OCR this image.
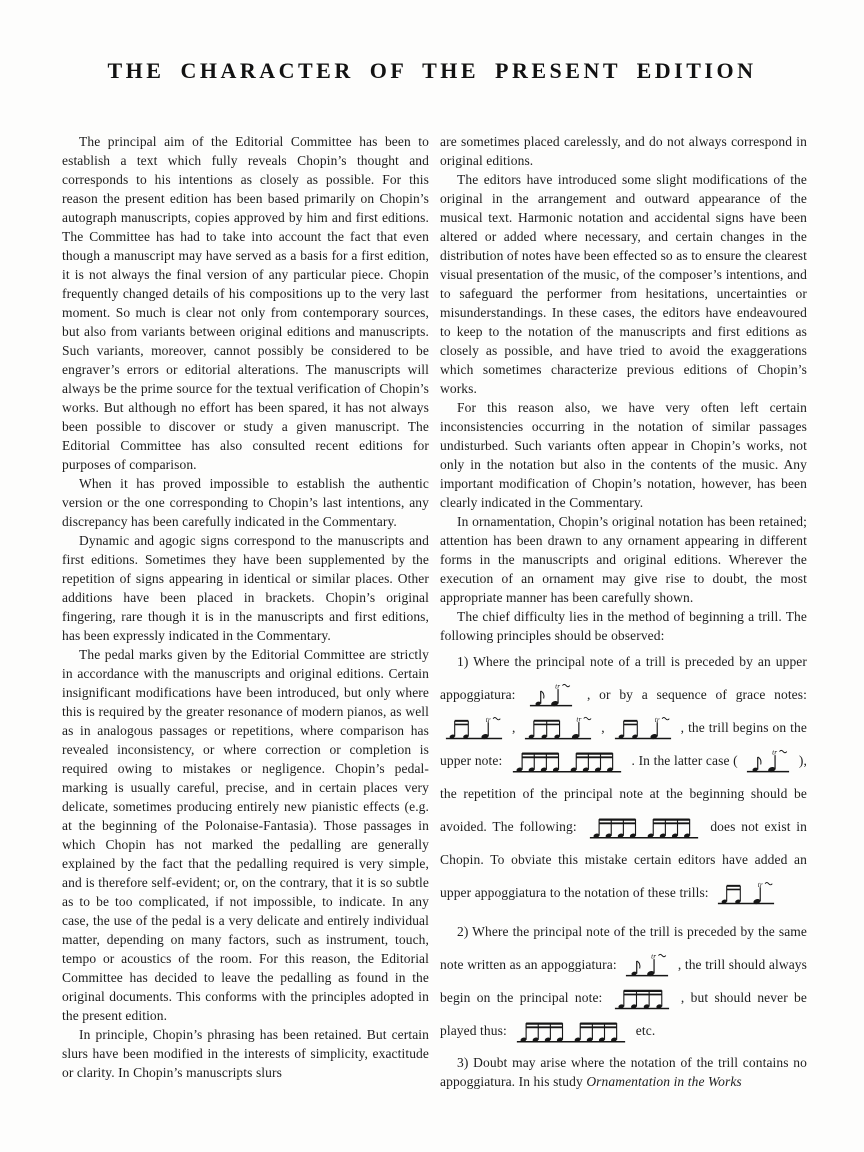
THE CHARACTER OF THE PRESENT EDITION

The principal aim of the Editorial Committee has been to establish a text which fully reveals Chopin’s thought and corresponds to his intentions as closely as possible. For this reason the present edition has been based primarily on Chopin’s autograph manuscripts, copies approved by him and first editions. The Committee has had to take into account the fact that even though a manuscript may have served as a basis for a first edition, it is not always the final version of any particular piece. Chopin frequently changed details of his compositions up to the very last moment. So much is clear not only from contemporary sources, but also from variants between original editions and manuscripts. Such variants, moreover, cannot possibly be considered to be engraver’s errors or editorial alterations. The manuscripts will always be the prime source for the textual verification of Chopin’s works. But although no effort has been spared, it has not always been possible to discover or study a given manuscript. The Editorial Committee has also consulted recent editions for purposes of comparison.

When it has proved impossible to establish the authentic version or the one corresponding to Chopin’s last intentions, any discrepancy has been carefully indicated in the Commentary.

Dynamic and agogic signs correspond to the manuscripts and first editions. Sometimes they have been supplemented by the repetition of signs appearing in identical or similar places. Other additions have been placed in brackets. Chopin’s original fingering, rare though it is in the manuscripts and first editions, has been expressly indicated in the Commentary.

The pedal marks given by the Editorial Committee are strictly in accordance with the manuscripts and original editions. Certain insignificant modifications have been introduced, but only where this is required by the greater resonance of modern pianos, as well as in analogous passages or repetitions, where comparison has revealed inconsistency, or where correction or completion is required owing to mistakes or negligence. Chopin’s pedal-marking is usually careful, precise, and in certain places very delicate, sometimes producing entirely new pianistic effects (e.g. at the beginning of the Polonaise-Fantasia). Those passages in which Chopin has not marked the pedalling are generally explained by the fact that the pedalling required is very simple, and is therefore self-evident; or, on the contrary, that it is so subtle as to be too complicated, if not impossible, to indicate. In any case, the use of the pedal is a very delicate and entirely individual matter, depending on many factors, such as instrument, touch, tempo or acoustics of the room. For this reason, the Editorial Committee has decided to leave the pedalling as found in the original documents. This conforms with the principles adopted in the present edition.

In principle, Chopin’s phrasing has been retained. But certain slurs have been modified in the interests of simplicity, exactitude or clarity. In Chopin’s manuscripts slurs

are sometimes placed carelessly, and do not always correspond in original editions.

The editors have introduced some slight modifications of the original in the arrangement and outward appearance of the musical text. Harmonic notation and accidental signs have been altered or added where necessary, and certain changes in the distribution of notes have been effected so as to ensure the clearest visual presentation of the music, of the composer’s intentions, and to safeguard the performer from hesitations, uncertainties or misunderstandings. In these cases, the editors have endeavoured to keep to the notation of the manuscripts and first editions as closely as possible, and have tried to avoid the exaggerations which sometimes characterize previous editions of Chopin’s works.

For this reason also, we have very often left certain inconsistencies occurring in the notation of similar passages undisturbed. Such variants often appear in Chopin’s works, not only in the notation but also in the contents of the music. Any important modification of Chopin’s notation, however, has been clearly indicated in the Commentary.

In ornamentation, Chopin’s original notation has been retained; attention has been drawn to any ornament appearing in different forms in the manuscripts and original editions. Wherever the execution of an ornament may give rise to doubt, the most appropriate manner has been carefully shown.

The chief difficulty lies in the method of beginning a trill. The following principles should be observed:

1) Where the principal note of a trill is preceded by an upper appoggiatura:	, or by a sequence of grace notes:  ,	,	, the trill begins on the upper note:	. In the latter case (	), the repetition of the principal note at the beginning should be avoided. The following:	does not exist in Chopin. To obviate this mistake certain editors have added an upper appoggiatura to the notation of these trills:

2) Where the principal note of the trill is preceded by the same note written as an appoggiatura:	, the trill should always begin on the principal note:	, but should never be played thus:	etc.

3) Doubt may arise where the notation of the trill contains no appoggiatura. In his study Ornamentation in the Works
